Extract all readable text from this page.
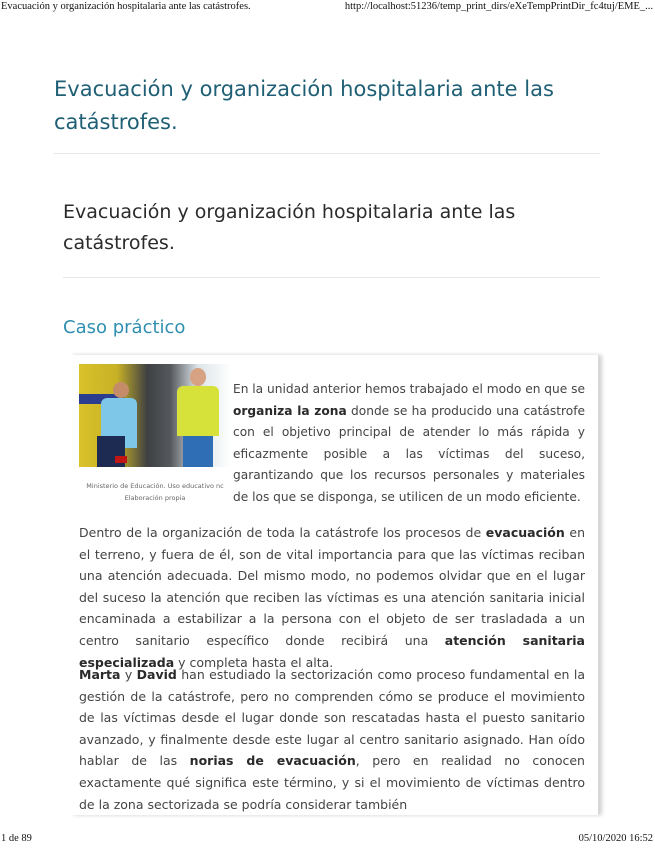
Evacuación y organización hospitalaria ante las catástrofes.	http://localhost:51236/temp_print_dirs/eXeTempPrintDir_fc4tuj/EME_...
Evacuación y organización hospitalaria ante las catástrofes.
Evacuación y organización hospitalaria ante las catástrofes.
Caso práctico
Ministerio de Educación. Uso educativo nc
Elaboración propia
En la unidad anterior hemos trabajado el modo en que se organiza la zona donde se ha producido una catástrofe con el objetivo principal de atender lo más rápida y eficazmente posible a las víctimas del suceso, garantizando que los recursos personales y materiales de los que se disponga, se utilicen de un modo eficiente.
Dentro de la organización de toda la catástrofe los procesos de evacuación en el terreno, y fuera de él, son de vital importancia para que las víctimas reciban una atención adecuada. Del mismo modo, no podemos olvidar que en el lugar del suceso la atención que reciben las víctimas es una atención sanitaria inicial encaminada a estabilizar a la persona con el objeto de ser trasladada a un centro sanitario específico donde recibirá una atención sanitaria especializada y completa hasta el alta.
Marta y David han estudiado la sectorización como proceso fundamental en la gestión de la catástrofe, pero no comprenden cómo se produce el movimiento de las víctimas desde el lugar donde son rescatadas hasta el puesto sanitario avanzado, y finalmente desde este lugar al centro sanitario asignado. Han oído hablar de las norias de evacuación, pero en realidad no conocen exactamente qué significa este término, y si el movimiento de víctimas dentro de la zona sectorizada se podría considerar también
1 de 89	05/10/2020 16:52
